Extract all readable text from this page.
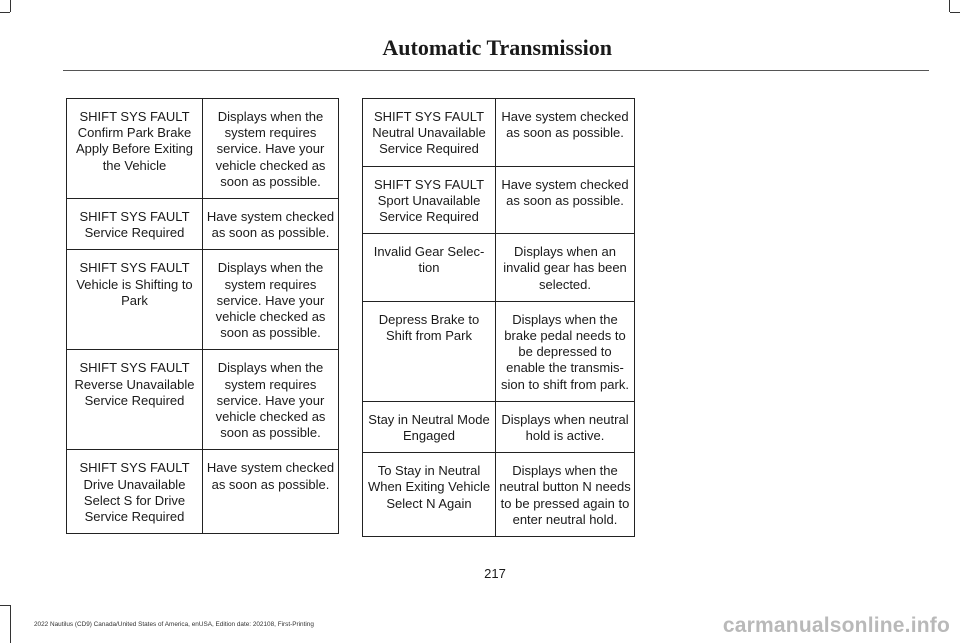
Automatic Transmission
SHIFT SYS FAULT Confirm Park Brake Apply Before Exiting the Vehicle	Displays when the system requires service. Have your vehicle checked as soon as possible.
SHIFT SYS FAULT Service Required	Have system checked as soon as possible.
SHIFT SYS FAULT Vehicle is Shifting to Park	Displays when the system requires service. Have your vehicle checked as soon as possible.
SHIFT SYS FAULT Reverse Unavailable Service Required	Displays when the system requires service. Have your vehicle checked as soon as possible.
SHIFT SYS FAULT Drive Unavailable Select S for Drive Service Required	Have system checked as soon as possible.
SHIFT SYS FAULT Neutral Unavailable Service Required	Have system checked as soon as possible.
SHIFT SYS FAULT Sport Unavailable Service Required	Have system checked as soon as possible.
Invalid Gear Selec-tion	Displays when an invalid gear has been selected.
Depress Brake to Shift from Park	Displays when the brake pedal needs to be depressed to enable the transmis-sion to shift from park.
Stay in Neutral Mode Engaged	Displays when neutral hold is active.
To Stay in Neutral When Exiting Vehicle Select N Again	Displays when the neutral button N needs to be pressed again to enter neutral hold.
217
2022 Nautilus (CD9) Canada/United States of America, enUSA, Edition date: 202108, First-Printing	carmanualsonline.info
